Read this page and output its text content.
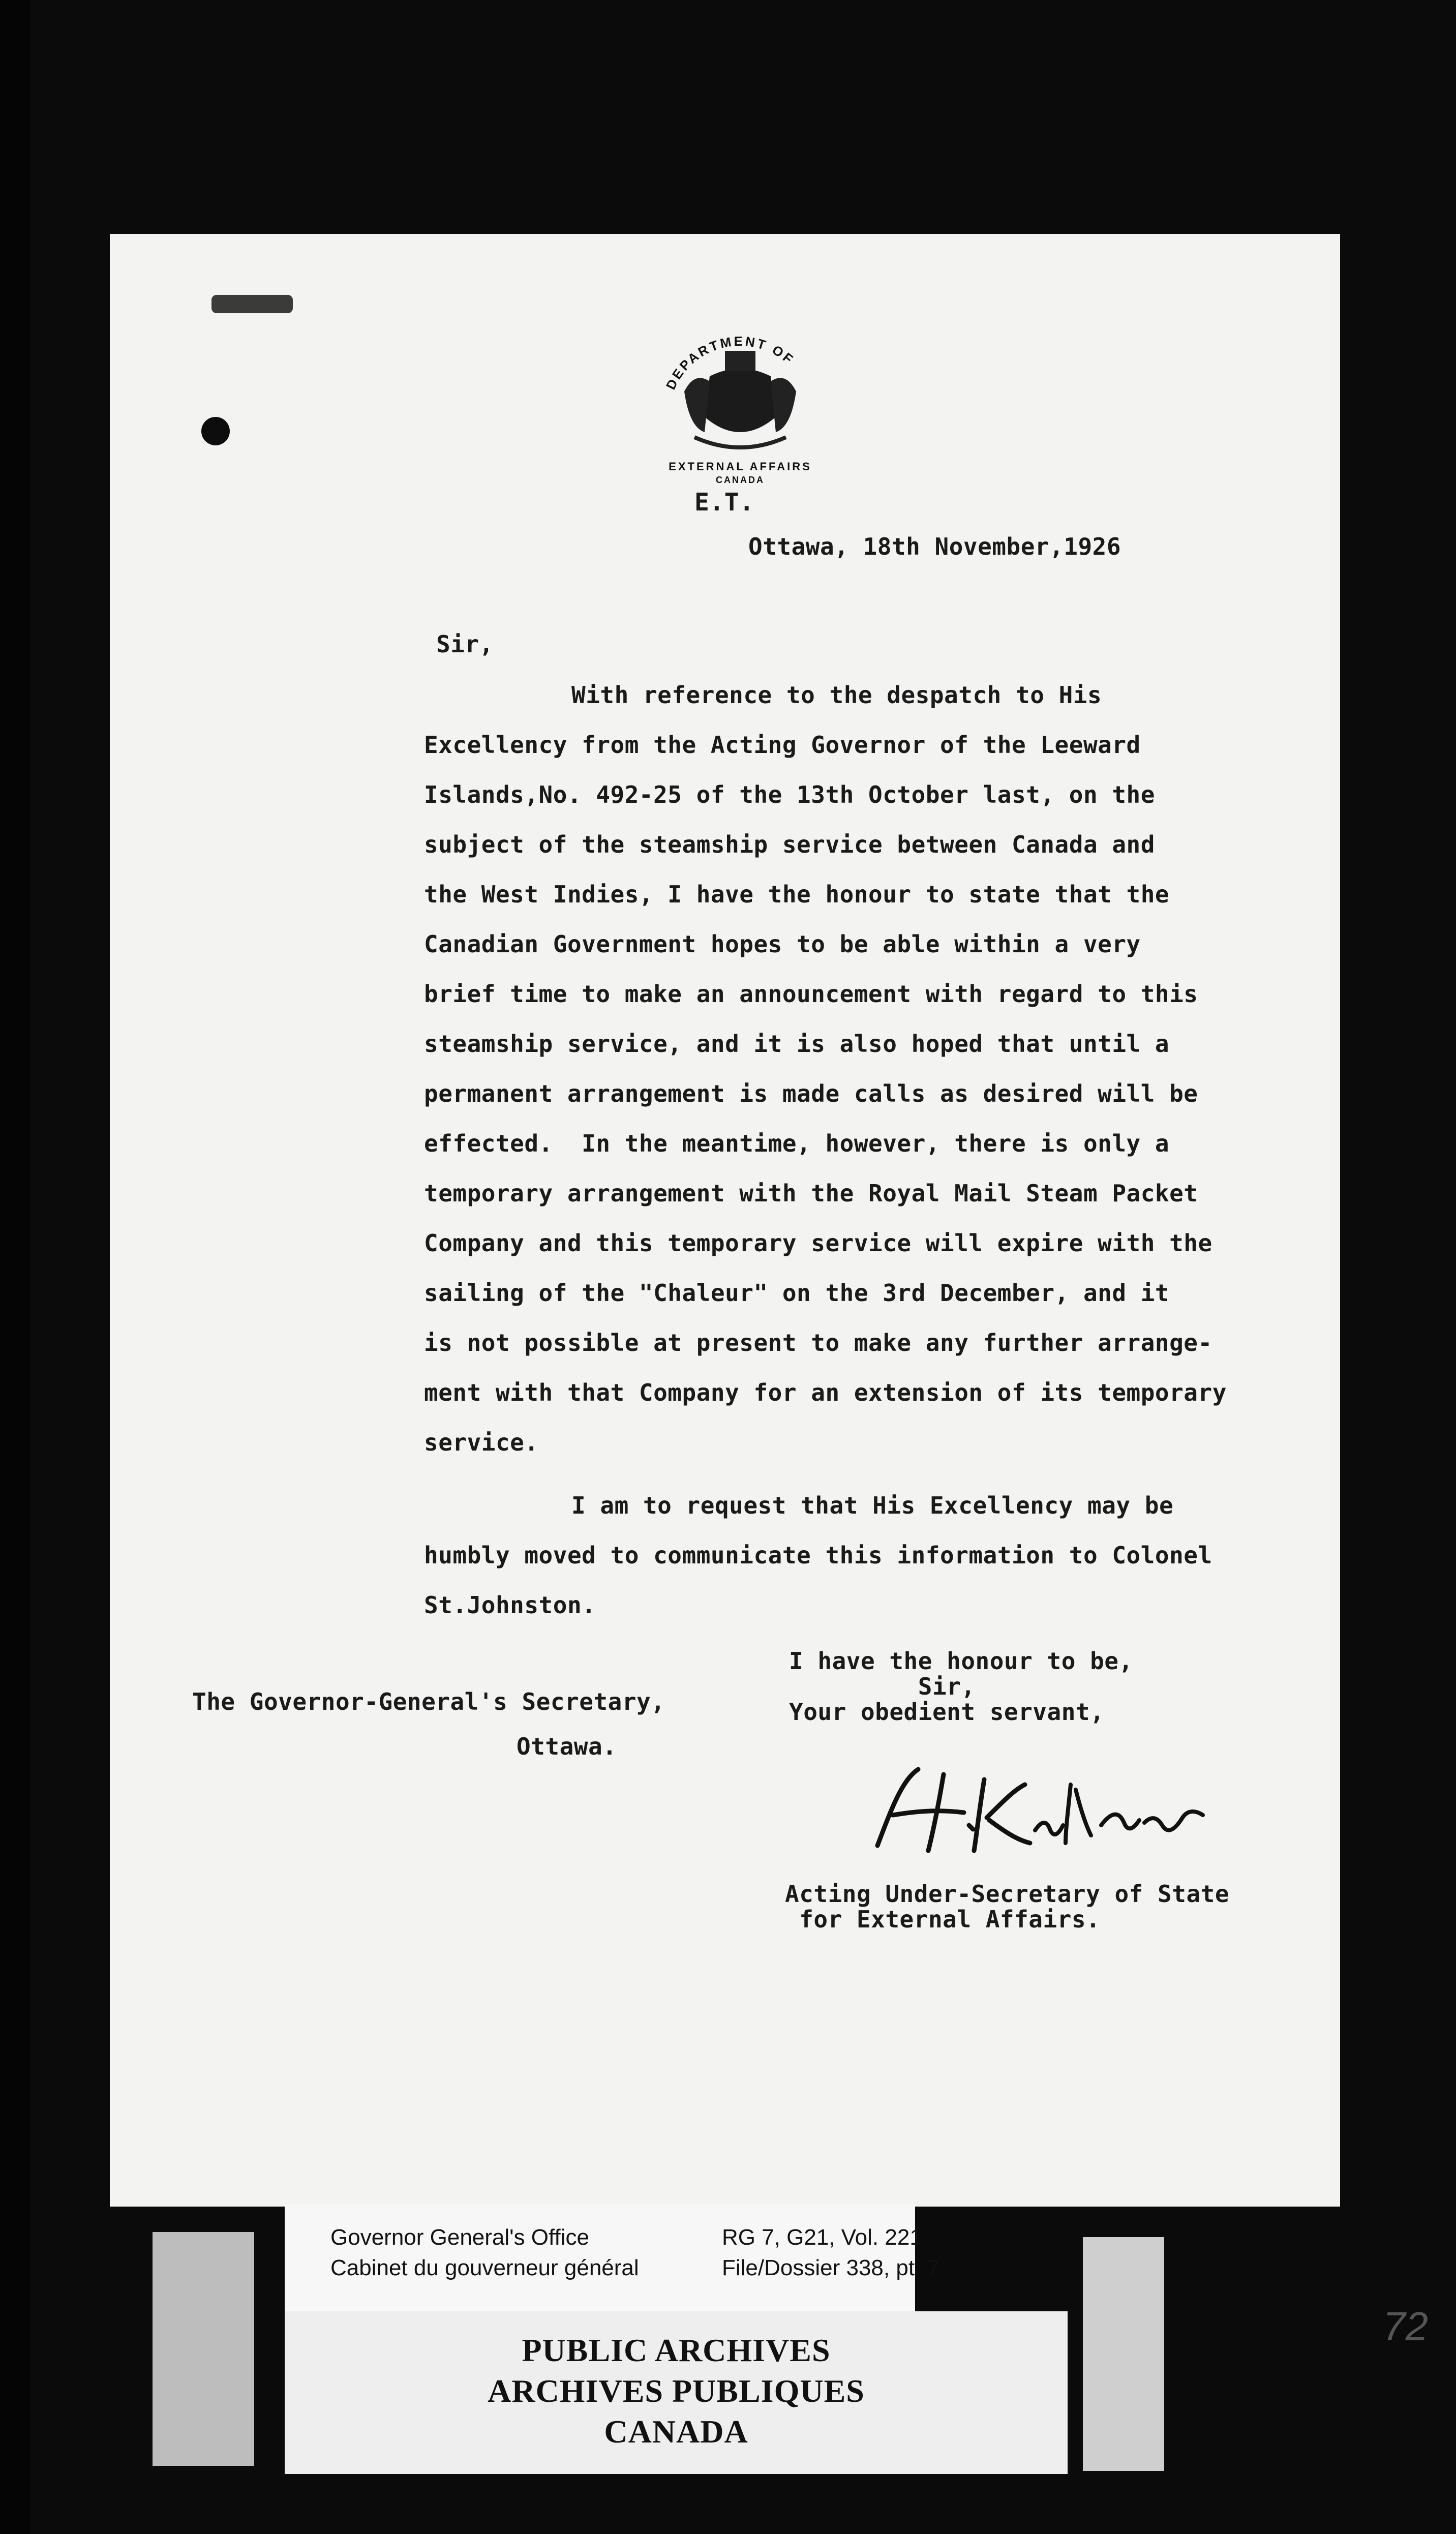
DEPARTMENT OF
EXTERNAL AFFAIRS
CANADA
E.T.
Ottawa, 18th November,1926
Sir,
With reference to the despatch to His
Excellency from the Acting Governor of the Leeward
Islands,No. 492-25 of the 13th October last, on the
subject of the steamship service between Canada and
the West Indies, I have the honour to state that the
Canadian Government hopes to be able within a very
brief time to make an announcement with regard to this
steamship service, and it is also hoped that until a
permanent arrangement is made calls as desired will be
effected.  In the meantime, however, there is only a
temporary arrangement with the Royal Mail Steam Packet
Company and this temporary service will expire with the
sailing of the "Chaleur" on the 3rd December, and it
is not possible at present to make any further arrange-
ment with that Company for an extension of its temporary
service.
I am to request that His Excellency may be
humbly moved to communicate this information to Colonel
St.Johnston.
I have the honour to be,
Sir,
Your obedient servant,
The Governor-General's Secretary,
Ottawa.
Acting Under-Secretary of State
for External Affairs.
Governor General's Office
Cabinet du gouverneur général
RG 7, G21, Vol. 221
File/Dossier 338, pt. 7
PUBLIC ARCHIVES
ARCHIVES PUBLIQUES
CANADA
72
